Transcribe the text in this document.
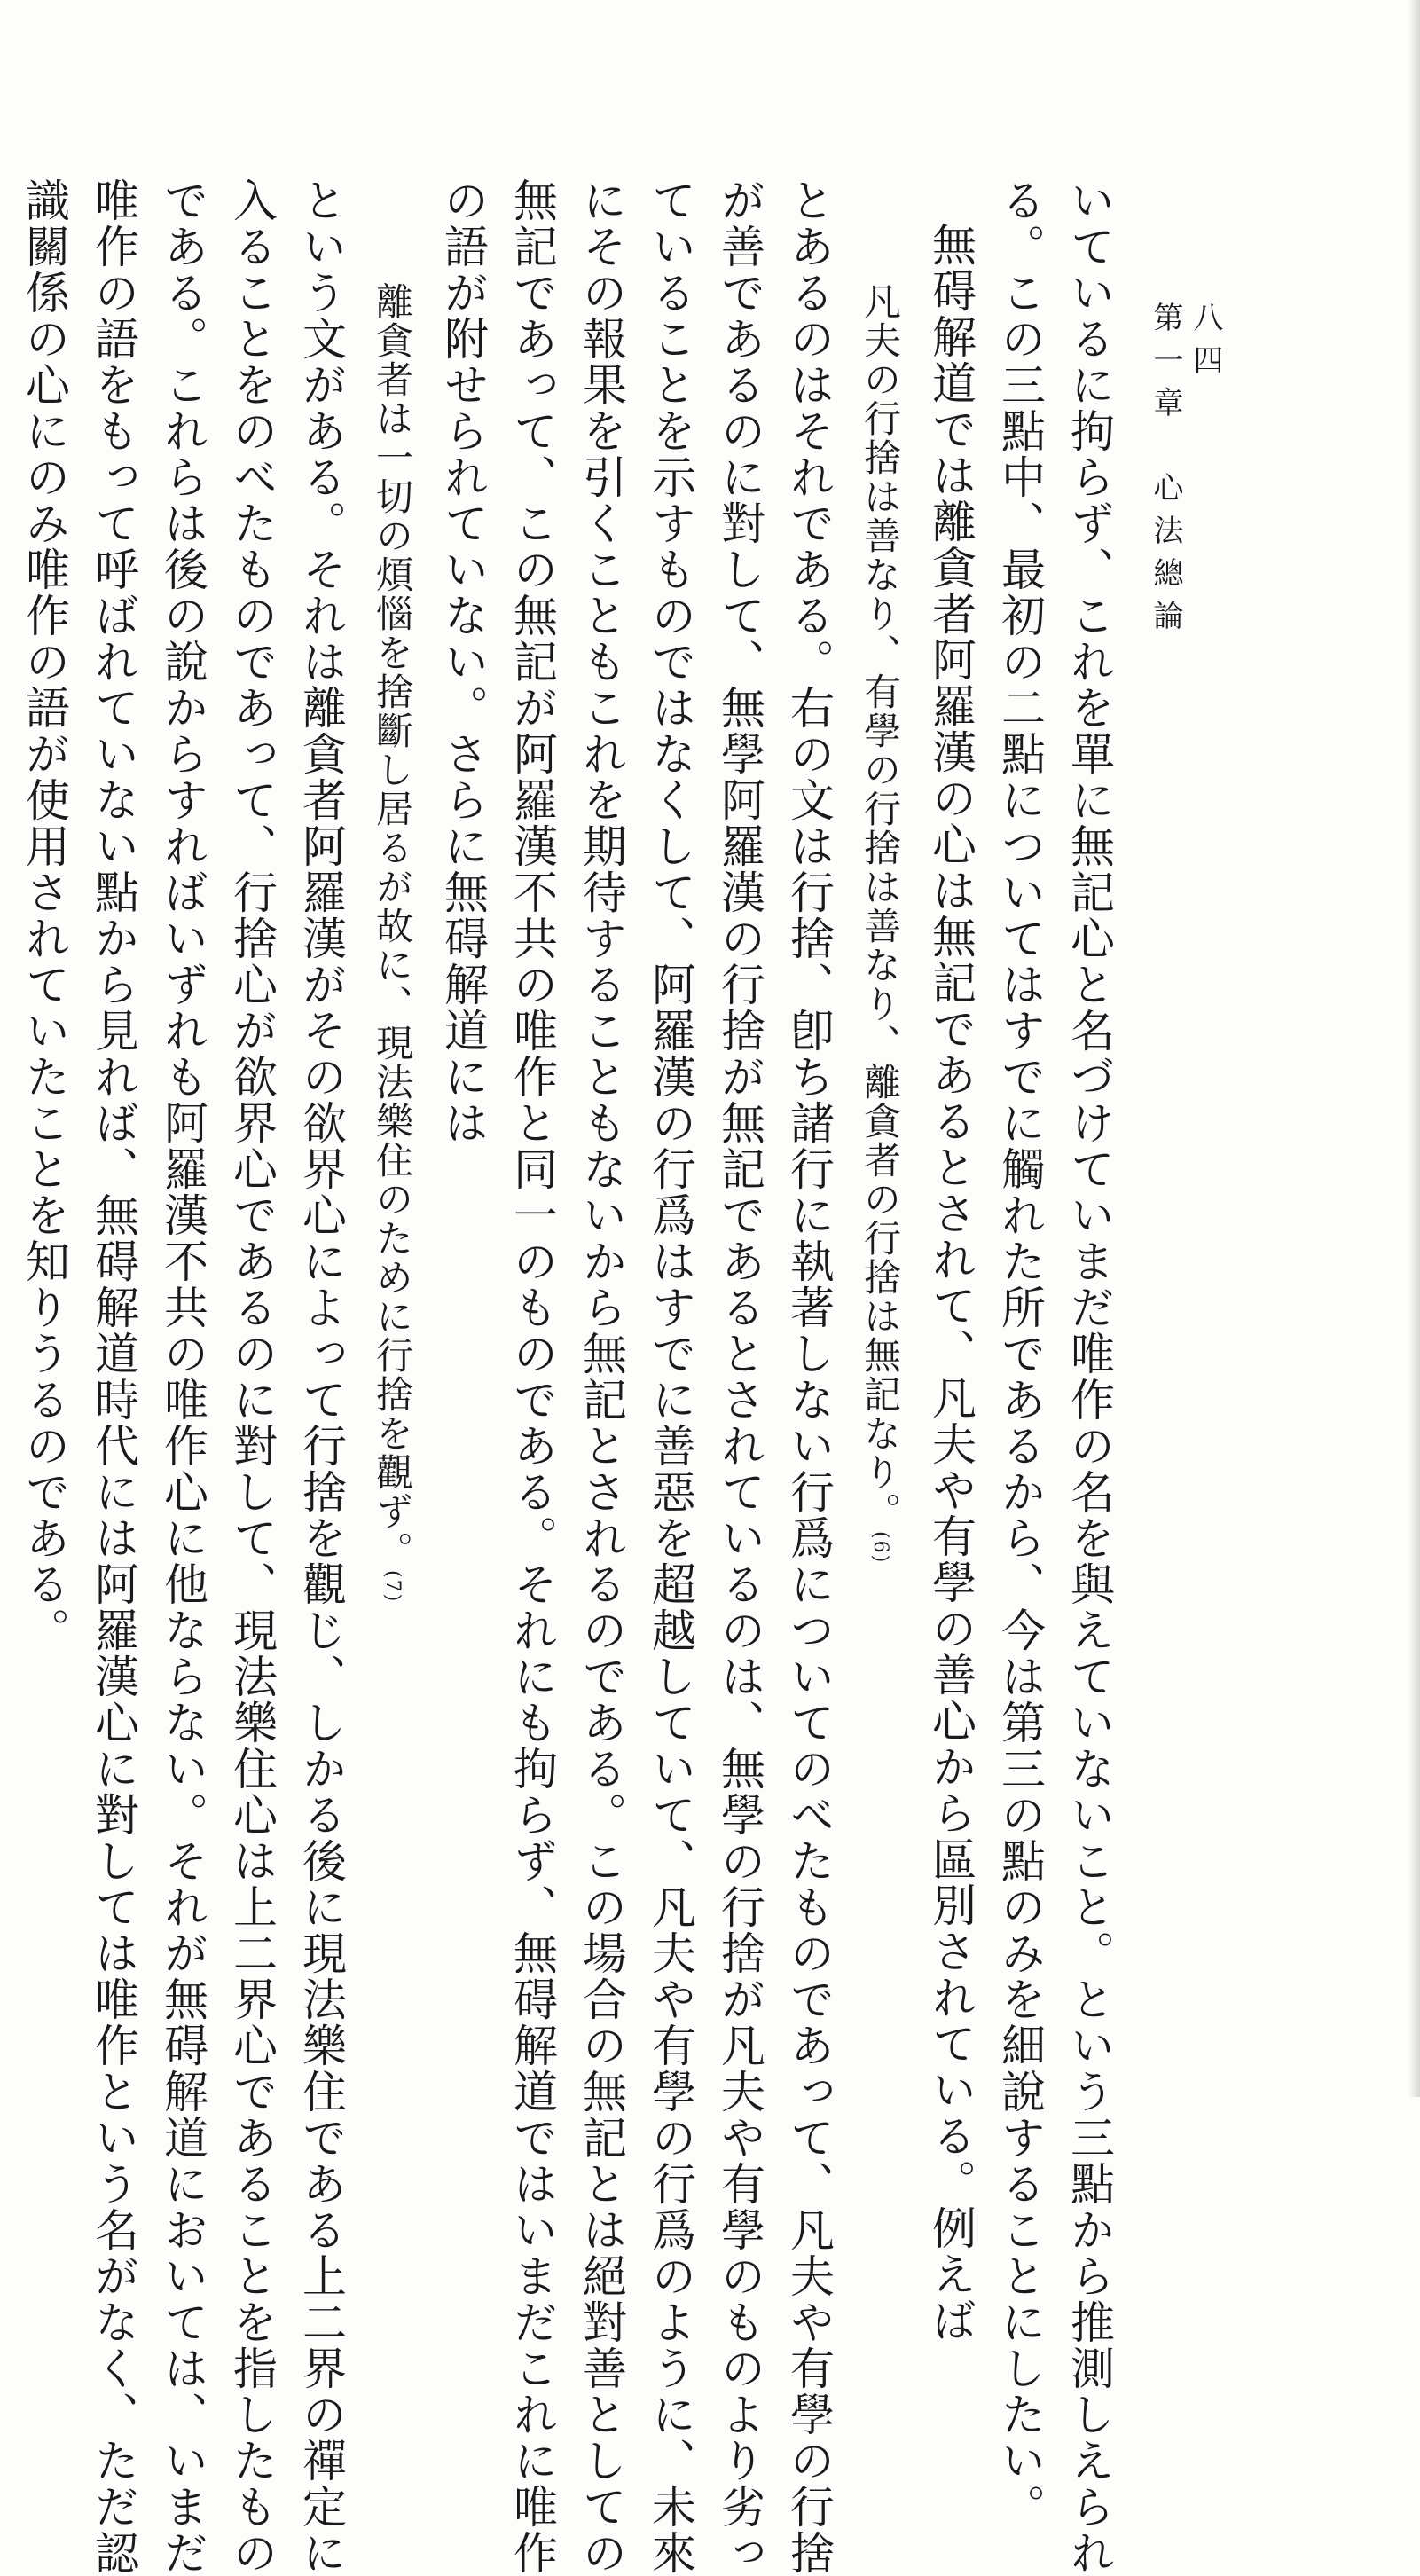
第一章　心法總論 八四

いているに拘らず、これを單に無記心と名づけていまだ唯作の名を與えていないこと。という三點から推測しえられ

る。この三點中、最初の二點についてはすでに觸れた所であるから、今は第三の點のみを細說することにしたい。

無碍解道では離貪者阿羅漢の心は無記であるとされて、凡夫や有學の善心から區別されている。例えば

凡夫の行捨は善なり、有學の行捨は善なり、離貪者の行捨は無記なり。(6)

とあるのはそれである。右の文は行捨、卽ち諸行に執著しない行爲についてのべたものであって、凡夫や有學の行捨

が善であるのに對して、無學阿羅漢の行捨が無記であるとされているのは、無學の行捨が凡夫や有學のものより劣っ

ていることを示すものではなくして、阿羅漢の行爲はすでに善惡を超越していて、凡夫や有學の行爲のように、未來

にその報果を引くこともこれを期待することもないから無記とされるのである。この場合の無記とは絕對善としての

無記であって、この無記が阿羅漢不共の唯作と同一のものである。それにも拘らず、無碍解道ではいまだこれに唯作

の語が附せられていない。さらに無碍解道には

離貪者は一切の煩惱を捨斷し居るが故に、現法樂住のために行捨を觀ず。(7)

という文がある。それは離貪者阿羅漢がその欲界心によって行捨を觀じ、しかる後に現法樂住である上二界の禪定に

入ることをのべたものであって、行捨心が欲界心であるのに對して、現法樂住心は上二界心であることを指したもの

である。これらは後の說からすればいずれも阿羅漢不共の唯作心に他ならない。それが無碍解道においては、いまだ

唯作の語をもって呼ばれていない點から見れば、無碍解道時代には阿羅漢心に對しては唯作という名がなく、ただ認

識關係の心にのみ唯作の語が使用されていたことを知りうるのである。
